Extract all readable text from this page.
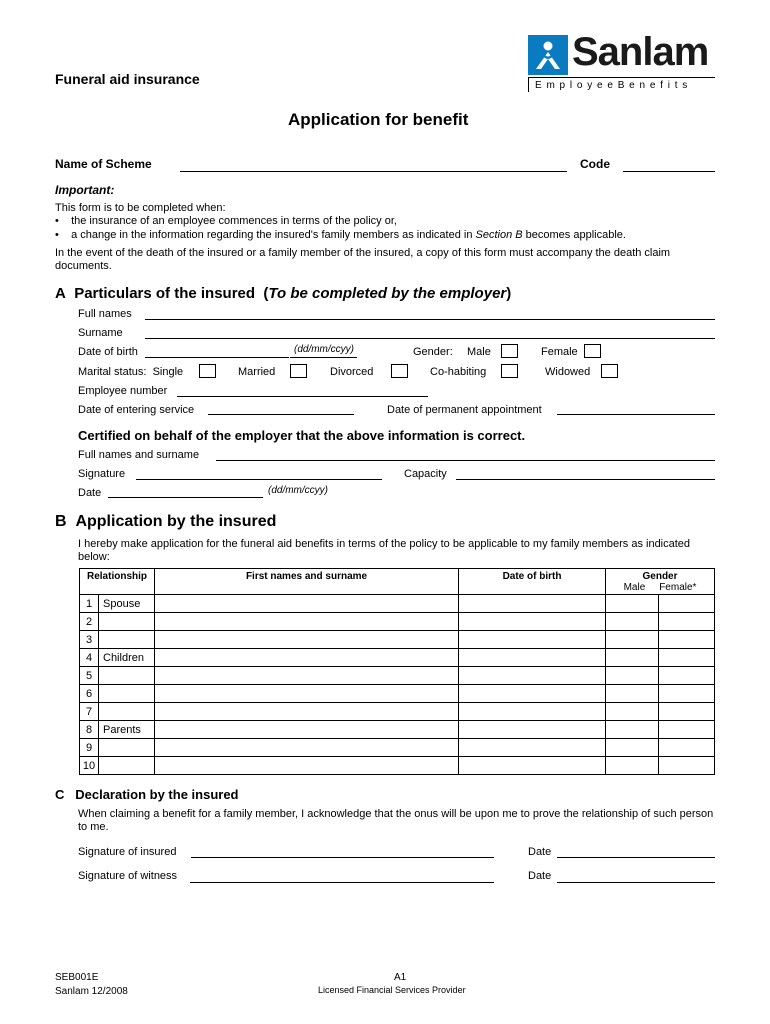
Sanlam
E m p l o y e e B e n e f i t s
Funeral aid insurance
Application for benefit
Name of Scheme	Code
Important:
This form is to be completed when:
•    the insurance of an employee commences in terms of the policy or,
•    a change in the information regarding the insured's family members as indicated in Section B becomes applicable.
In the event of the death of the insured or a family member of the insured, a copy of this form must accompany the death claim documents.
A Particulars of the insured  (To be completed by the employer)
Full names
Surname
Date of birth	(dd/mm/ccyy)	Gender: Male	Female
Marital status: Single	Married	Divorced	Co-habiting	Widowed
Employee number
Date of entering service	Date of permanent appointment
Certified on behalf of the employer that the above information is correct.
Full names and surname
Signature	Capacity
Date	(dd/mm/ccyy)
B Application by the insured
I hereby make application for the funeral aid benefits in terms of the policy to be applicable to my family members as indicated below:
Relationship		First names and surname	Date of birth	Gender
Male Female*	

1	Spouse				
2					
3					
4	Children				
5					
6					
7					
8	Parents				
9					
10					
C Declaration by the insured
When claiming a benefit for a family member, I acknowledge that the onus will be upon me to prove the relationship of such person to me.
Signature of insured	Date
Signature of witness	Date
SEB001E
Sanlam 12/2008
A1
Licensed Financial Services Provider
